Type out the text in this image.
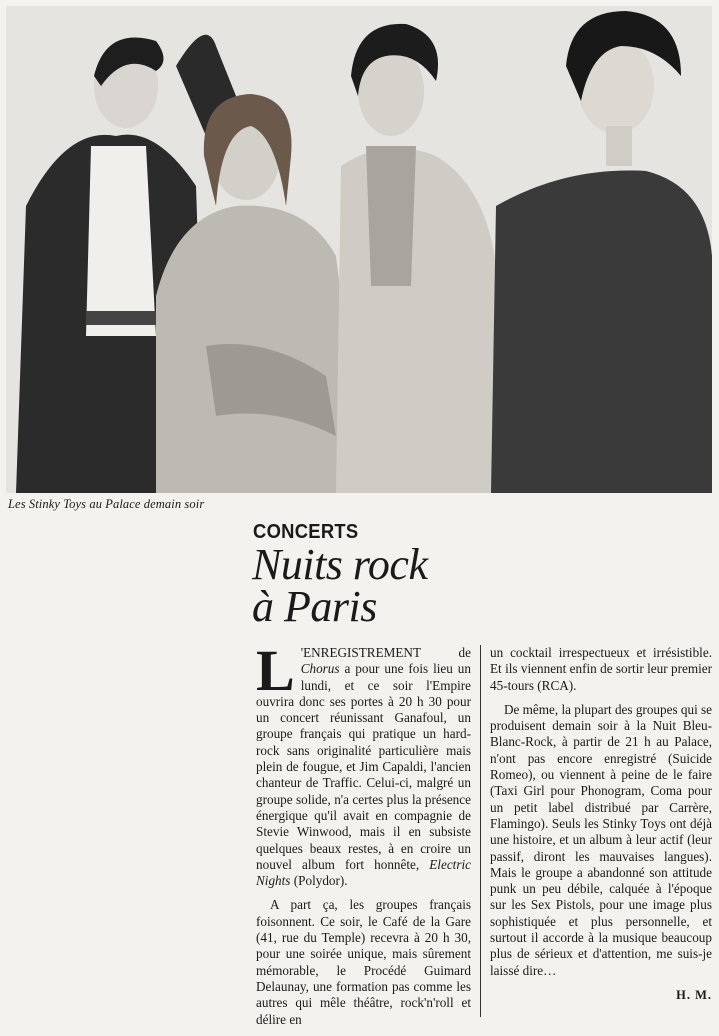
Les Stinky Toys au Palace demain soir
CONCERTS
Nuits rock
à Paris

L 'ENREGISTREMENT de Chorus a pour une fois lieu un lundi, et ce soir l'Empire ouvrira donc ses portes à 20 h 30 pour un concert réunissant Ganafoul, un groupe français qui pratique un hard-rock sans originalité particulière mais plein de fougue, et Jim Capaldi, l'ancien chanteur de Traffic. Celui-ci, malgré un groupe solide, n'a certes plus la présence énergique qu'il avait en compagnie de Stevie Winwood, mais il en subsiste quelques beaux restes, à en croire un nouvel album fort honnête, Electric Nights (Polydor).

A part ça, les groupes français foisonnent. Ce soir, le Café de la Gare (41, rue du Temple) recevra à 20 h 30, pour une soirée unique, mais sûrement mémorable, le Procédé Guimard Delaunay, une formation pas comme les autres qui mêle théâtre, rock'n'roll et délire en

un cocktail irrespectueux et irrésistible. Et ils viennent enfin de sortir leur premier 45-tours (RCA).

De même, la plupart des groupes qui se produisent demain soir à la Nuit Bleu-Blanc-Rock, à partir de 21 h au Palace, n'ont pas encore enregistré (Suicide Romeo), ou viennent à peine de le faire (Taxi Girl pour Phonogram, Coma pour un petit label distribué par Carrère, Flamingo). Seuls les Stinky Toys ont déjà une histoire, et un album à leur actif (leur passif, diront les mauvaises langues). Mais le groupe a abandonné son attitude punk un peu débile, calquée à l'époque sur les Sex Pistols, pour une image plus sophistiquée et plus personnelle, et surtout il accorde à la musique beaucoup plus de sérieux et d'attention, me suis-je laissé dire…

H. M.
